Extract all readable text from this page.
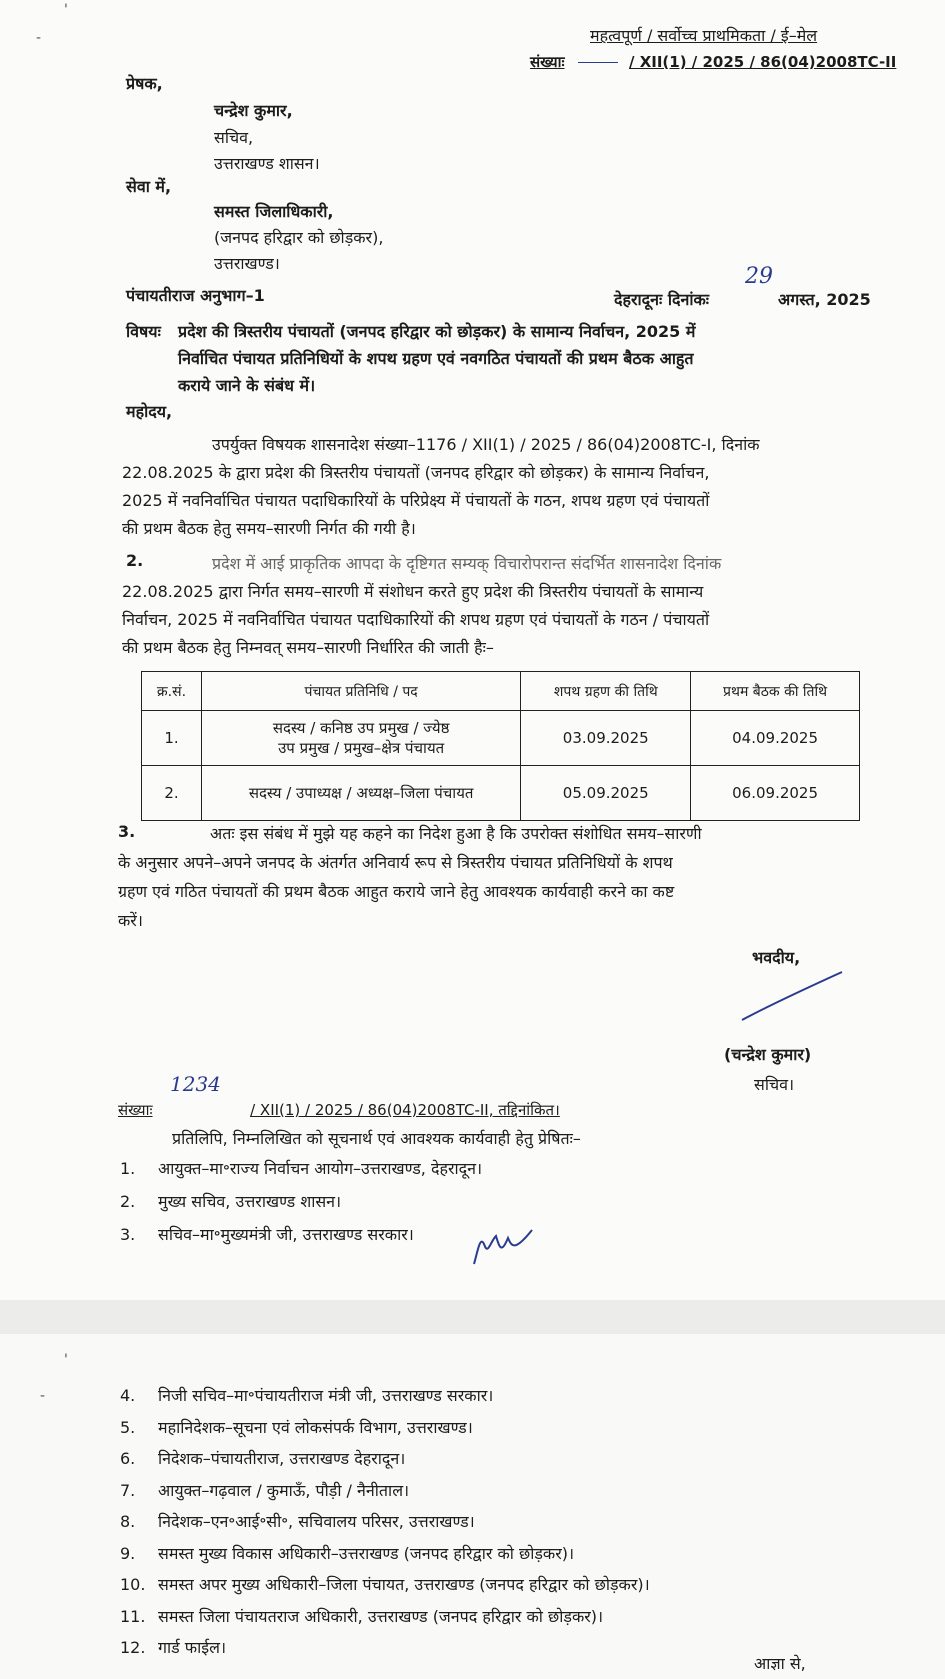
-
'
महत्वपूर्ण / सर्वोच्च प्राथमिकता / ई–मेल
संख्याः	/ XII(1) / 2025 / 86(04)2008TC-II
प्रेषक,
चन्द्रेश कुमार,
सचिव,
उत्तराखण्ड शासन।
सेवा में,
समस्त जिलाधिकारी,
(जनपद हरिद्वार को छोड़कर),
उत्तराखण्ड।
पंचायतीराज अनुभाग–1	देहरादूनः दिनांकः
29
अगस्त, 2025
विषयः प्रदेश की त्रिस्तरीय पंचायतों (जनपद हरिद्वार को छोड़कर) के सामान्य निर्वाचन, 2025 में
निर्वाचित पंचायत प्रतिनिधियों के शपथ ग्रहण एवं नवगठित पंचायतों की प्रथम बैठक आहुत
कराये जाने के संबंध में।
महोदय,
उपर्युक्त विषयक शासनादेश संख्या–1176 / XII(1) / 2025 / 86(04)2008TC-I, दिनांक
22.08.2025 के द्वारा प्रदेश की त्रिस्तरीय पंचायतों (जनपद हरिद्वार को छोड़कर) के सामान्य निर्वाचन,
2025 में नवनिर्वाचित पंचायत पदाधिकारियों के परिप्रेक्ष्य में पंचायतों के गठन, शपथ ग्रहण एवं पंचायतों
की प्रथम बैठक हेतु समय–सारणी निर्गत की गयी है।
2.	प्रदेश में आई प्राकृतिक आपदा के दृष्टिगत सम्यक् विचारोपरान्त संदर्भित शासनादेश दिनांक
22.08.2025 द्वारा निर्गत समय–सारणी में संशोधन करते हुए प्रदेश की त्रिस्तरीय पंचायतों के सामान्य
निर्वाचन, 2025 में नवनिर्वाचित पंचायत पदाधिकारियों की शपथ ग्रहण एवं पंचायतों के गठन / पंचायतों
की प्रथम बैठक हेतु निम्नवत् समय–सारणी निर्धारित की जाती हैः–
क्र.सं.	पंचायत प्रतिनिधि / पद	शपथ ग्रहण की तिथि	प्रथम बैठक की तिथि
1.	सदस्य / कनिष्ठ उप प्रमुख / ज्येष्ठ
उप प्रमुख / प्रमुख–क्षेत्र पंचायत	03.09.2025	04.09.2025
2.	सदस्य / उपाध्यक्ष / अध्यक्ष–जिला पंचायत	05.09.2025	06.09.2025
3.	अतः इस संबंध में मुझे यह कहने का निदेश हुआ है कि उपरोक्त संशोधित समय–सारणी
के अनुसार अपने–अपने जनपद के अंतर्गत अनिवार्य रूप से त्रिस्तरीय पंचायत प्रतिनिधियों के शपथ
ग्रहण एवं गठित पंचायतों की प्रथम बैठक आहुत कराये जाने हेतु आवश्यक कार्यवाही करने का कष्ट
करें।
भवदीय,
(चन्द्रेश कुमार)
सचिव।
1234
संख्याः	/ XII(1) / 2025 / 86(04)2008TC-II, तद्दिनांकित।
प्रतिलिपि, निम्नलिखित को सूचनार्थ एवं आवश्यक कार्यवाही हेतु प्रेषितः–
1. आयुक्त–मा॰राज्य निर्वाचन आयोग–उत्तराखण्ड, देहरादून।
2. मुख्य सचिव, उत्तराखण्ड शासन।
3. सचिव–मा॰मुख्यमंत्री जी, उत्तराखण्ड सरकार।
'
-	4. निजी सचिव–मा॰पंचायतीराज मंत्री जी, उत्तराखण्ड सरकार।
5. महानिदेशक–सूचना एवं लोकसंपर्क विभाग, उत्तराखण्ड।
6. निदेशक–पंचायतीराज, उत्तराखण्ड देहरादून।
7. आयुक्त–गढ़वाल / कुमाऊँ, पौड़ी / नैनीताल।
8. निदेशक–एन॰आई॰सी॰, सचिवालय परिसर, उत्तराखण्ड।
9. समस्त मुख्य विकास अधिकारी–उत्तराखण्ड (जनपद हरिद्वार को छोड़कर)।
10. समस्त अपर मुख्य अधिकारी–जिला पंचायत, उत्तराखण्ड (जनपद हरिद्वार को छोड़कर)।
11. समस्त जिला पंचायतराज अधिकारी, उत्तराखण्ड (जनपद हरिद्वार को छोड़कर)।
12. गार्ड फाईल।
आज्ञा से,
